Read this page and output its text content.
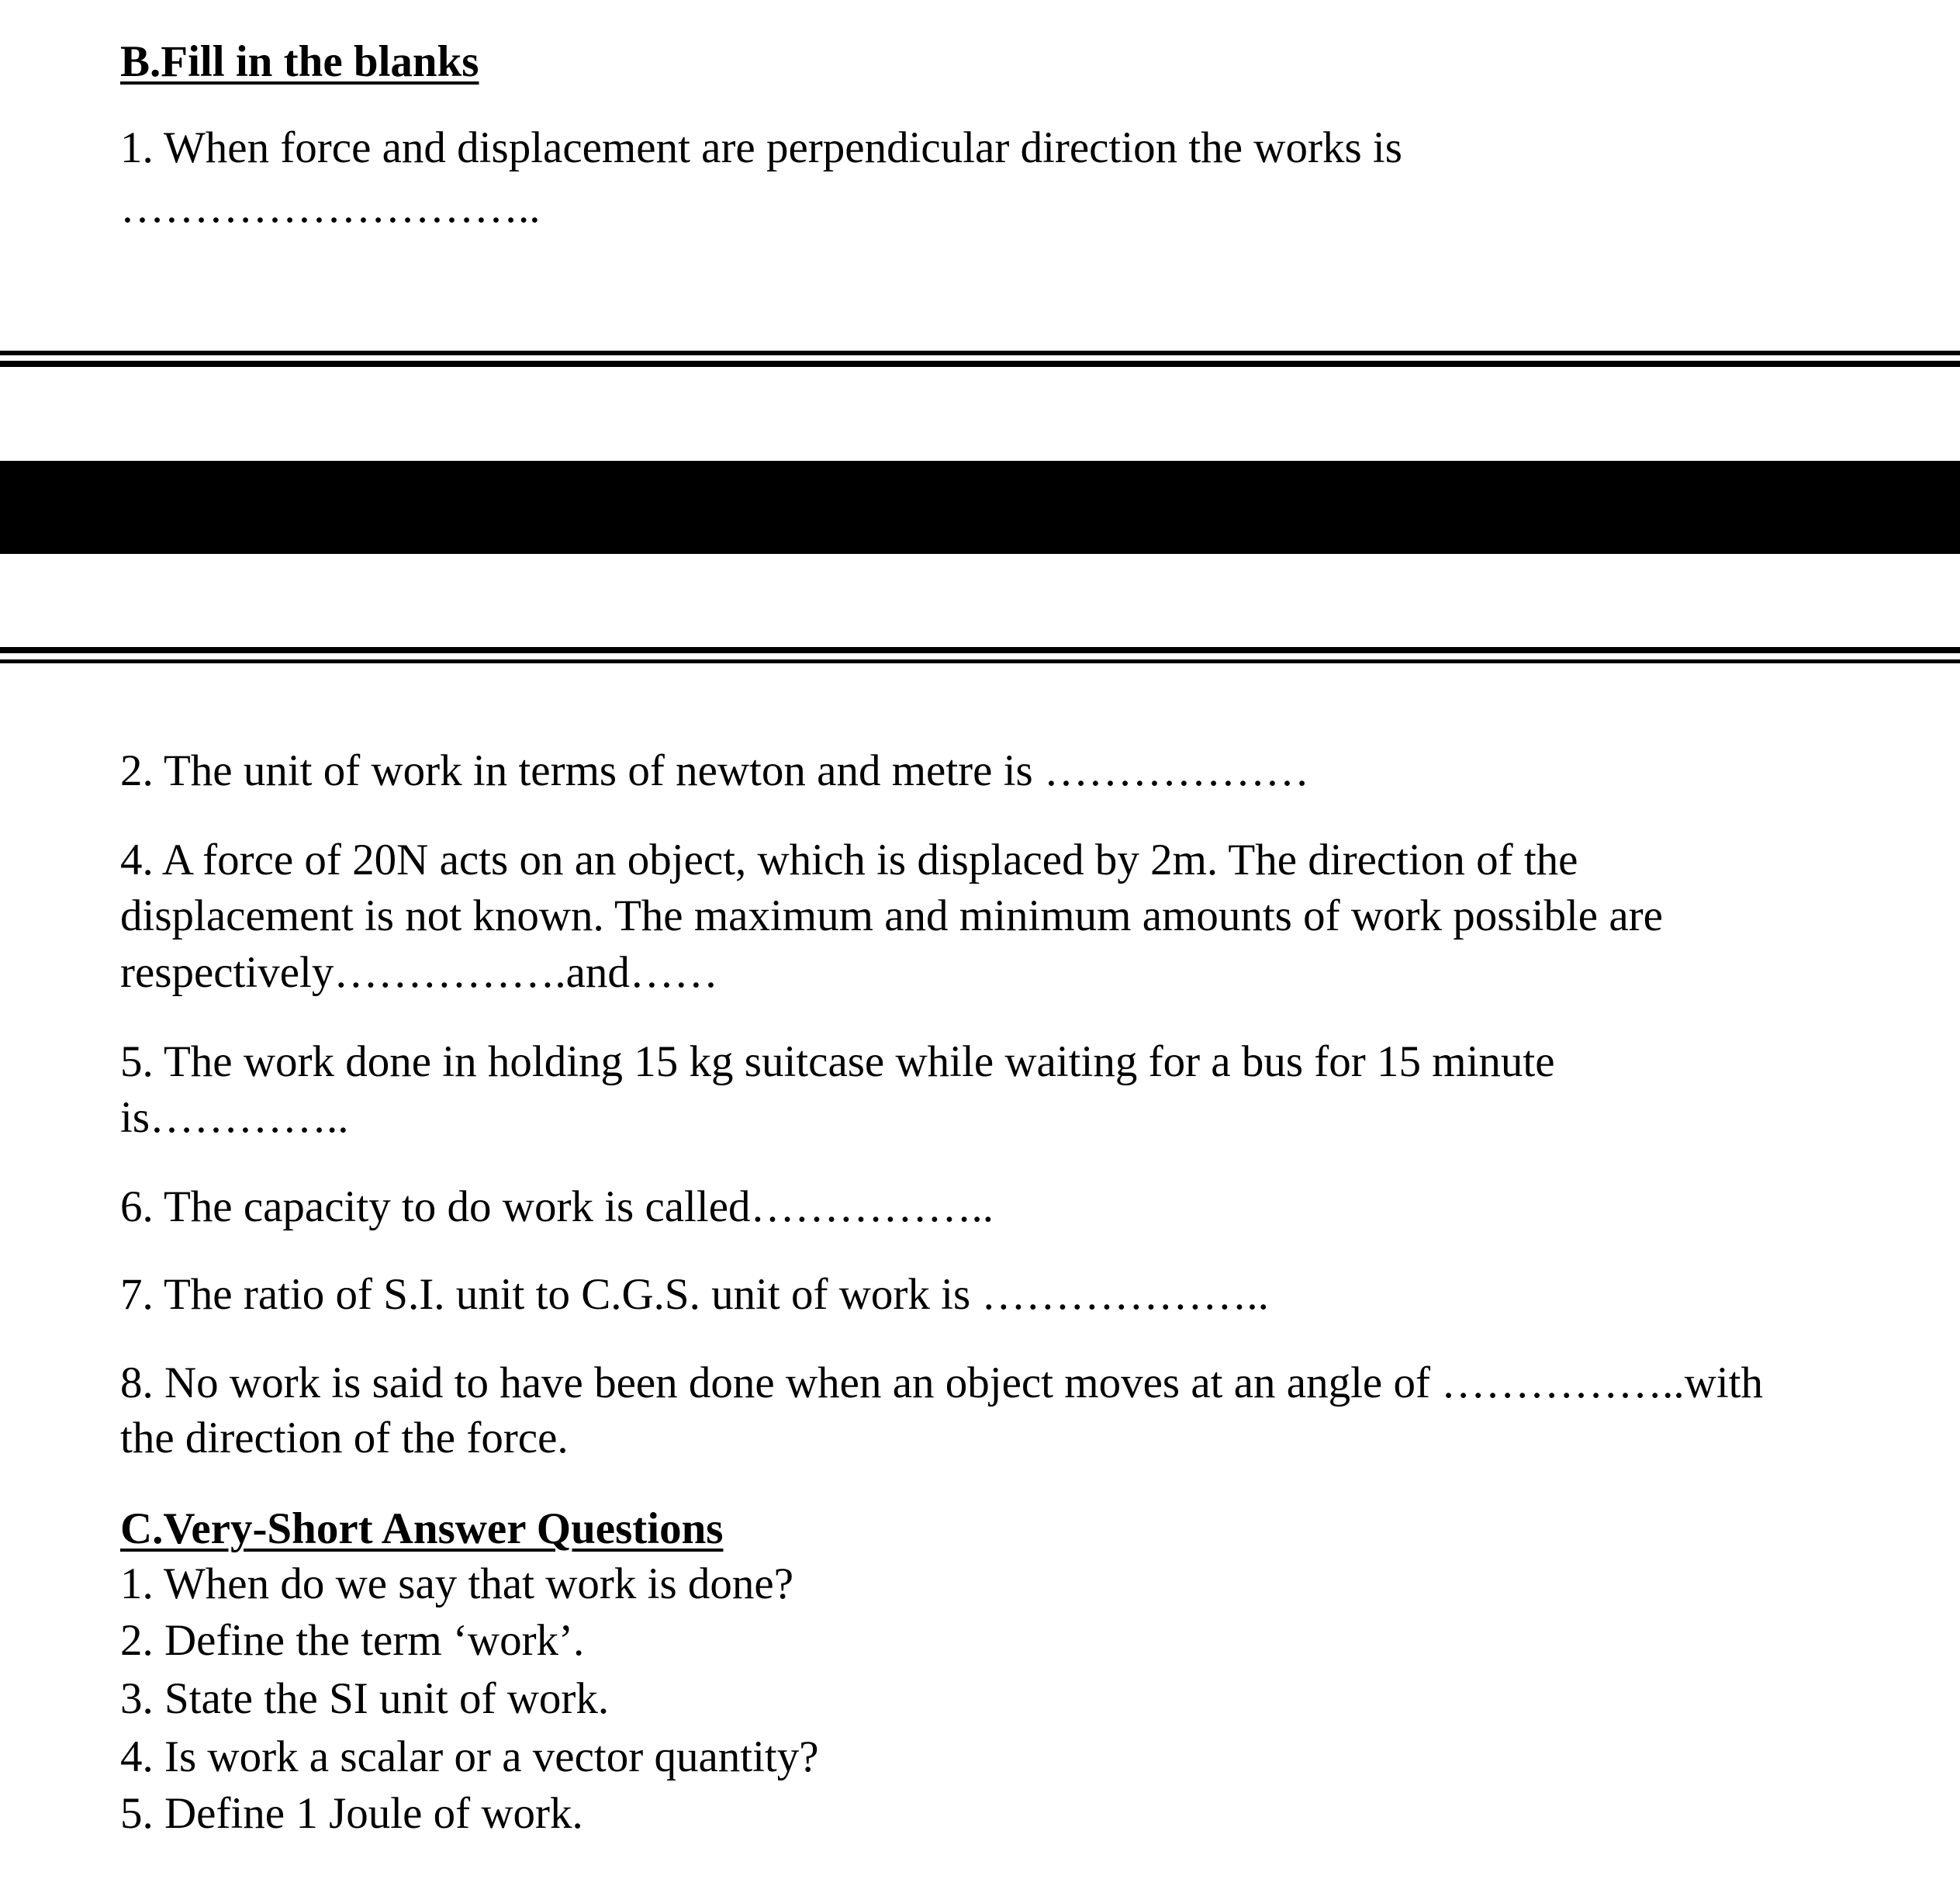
B.Fill in the blanks
1. When force and displacement are perpendicular direction the works is
………………………..
2. The unit of work in terms of newton and metre is ………………
4. A force of 20N acts on an object, which is displaced by 2m. The direction of the
displacement is not known. The maximum and minimum amounts of work possible are
respectively…………….and……
5. The work done in holding 15 kg suitcase while waiting for a bus for 15 minute
is…………..
6. The capacity to do work is called……………..
7. The ratio of S.I. unit to C.G.S. unit of work is ………………..
8. No work is said to have been done when an object moves at an angle of ……………..with
the direction of the force.
C.Very-Short Answer Questions
1. When do we say that work is done?
2. Define the term ‘work’.
3. State the SI unit of work.
4. Is work a scalar or a vector quantity?
5. Define 1 Joule of work.
